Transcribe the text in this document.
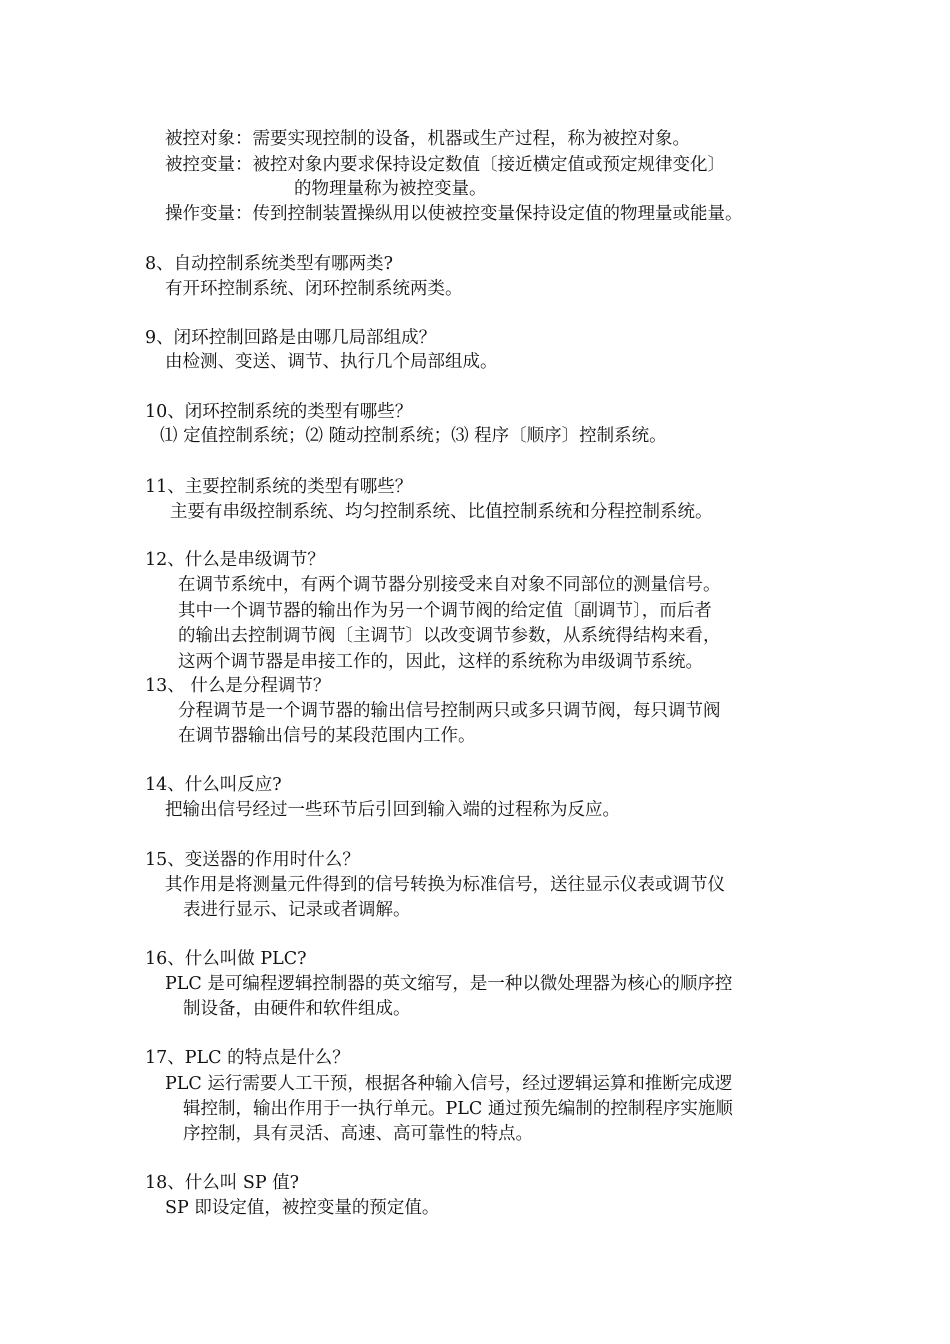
被控对象：需要实现控制的设备，机器或生产过程，称为被控对象。
被控变量：被控对象内要求保持设定数值〔接近横定值或预定规律变化〕
的物理量称为被控变量。
操作变量：传到控制装置操纵用以使被控变量保持设定值的物理量或能量。
8、自动控制系统类型有哪两类?
有开环控制系统、闭环控制系统两类。
9、闭环控制回路是由哪几局部组成？
由检测、变送、调节、执行几个局部组成。
10、闭环控制系统的类型有哪些？
⑴ 定值控制系统；⑵ 随动控制系统；⑶ 程序〔顺序〕控制系统。
11、主要控制系统的类型有哪些？
主要有串级控制系统、均匀控制系统、比值控制系统和分程控制系统。
12、什么是串级调节？
在调节系统中，有两个调节器分别接受来自对象不同部位的测量信号。
其中一个调节器的输出作为另一个调节阀的给定值〔副调节〕，而后者
的输出去控制调节阀〔主调节〕以改变调节参数，从系统得结构来看，
这两个调节器是串接工作的，因此，这样的系统称为串级调节系统。
13、 什么是分程调节？
分程调节是一个调节器的输出信号控制两只或多只调节阀，每只调节阀
在调节器输出信号的某段范围内工作。
14、什么叫反应?
把输出信号经过一些环节后引回到输入端的过程称为反应。
15、变送器的作用时什么？
其作用是将测量元件得到的信号转换为标准信号，送往显示仪表或调节仪
表进行显示、记录或者调解。
16、什么叫做 PLC?
PLC 是可编程逻辑控制器的英文缩写，是一种以微处理器为核心的顺序控
制设备，由硬件和软件组成。
17、PLC 的特点是什么？
PLC 运行需要人工干预，根据各种输入信号，经过逻辑运算和推断完成逻
辑控制，输出作用于一执行单元。PLC 通过预先编制的控制程序实施顺
序控制，具有灵活、高速、高可靠性的特点。
18、什么叫 SP 值?
SP 即设定值，被控变量的预定值。
